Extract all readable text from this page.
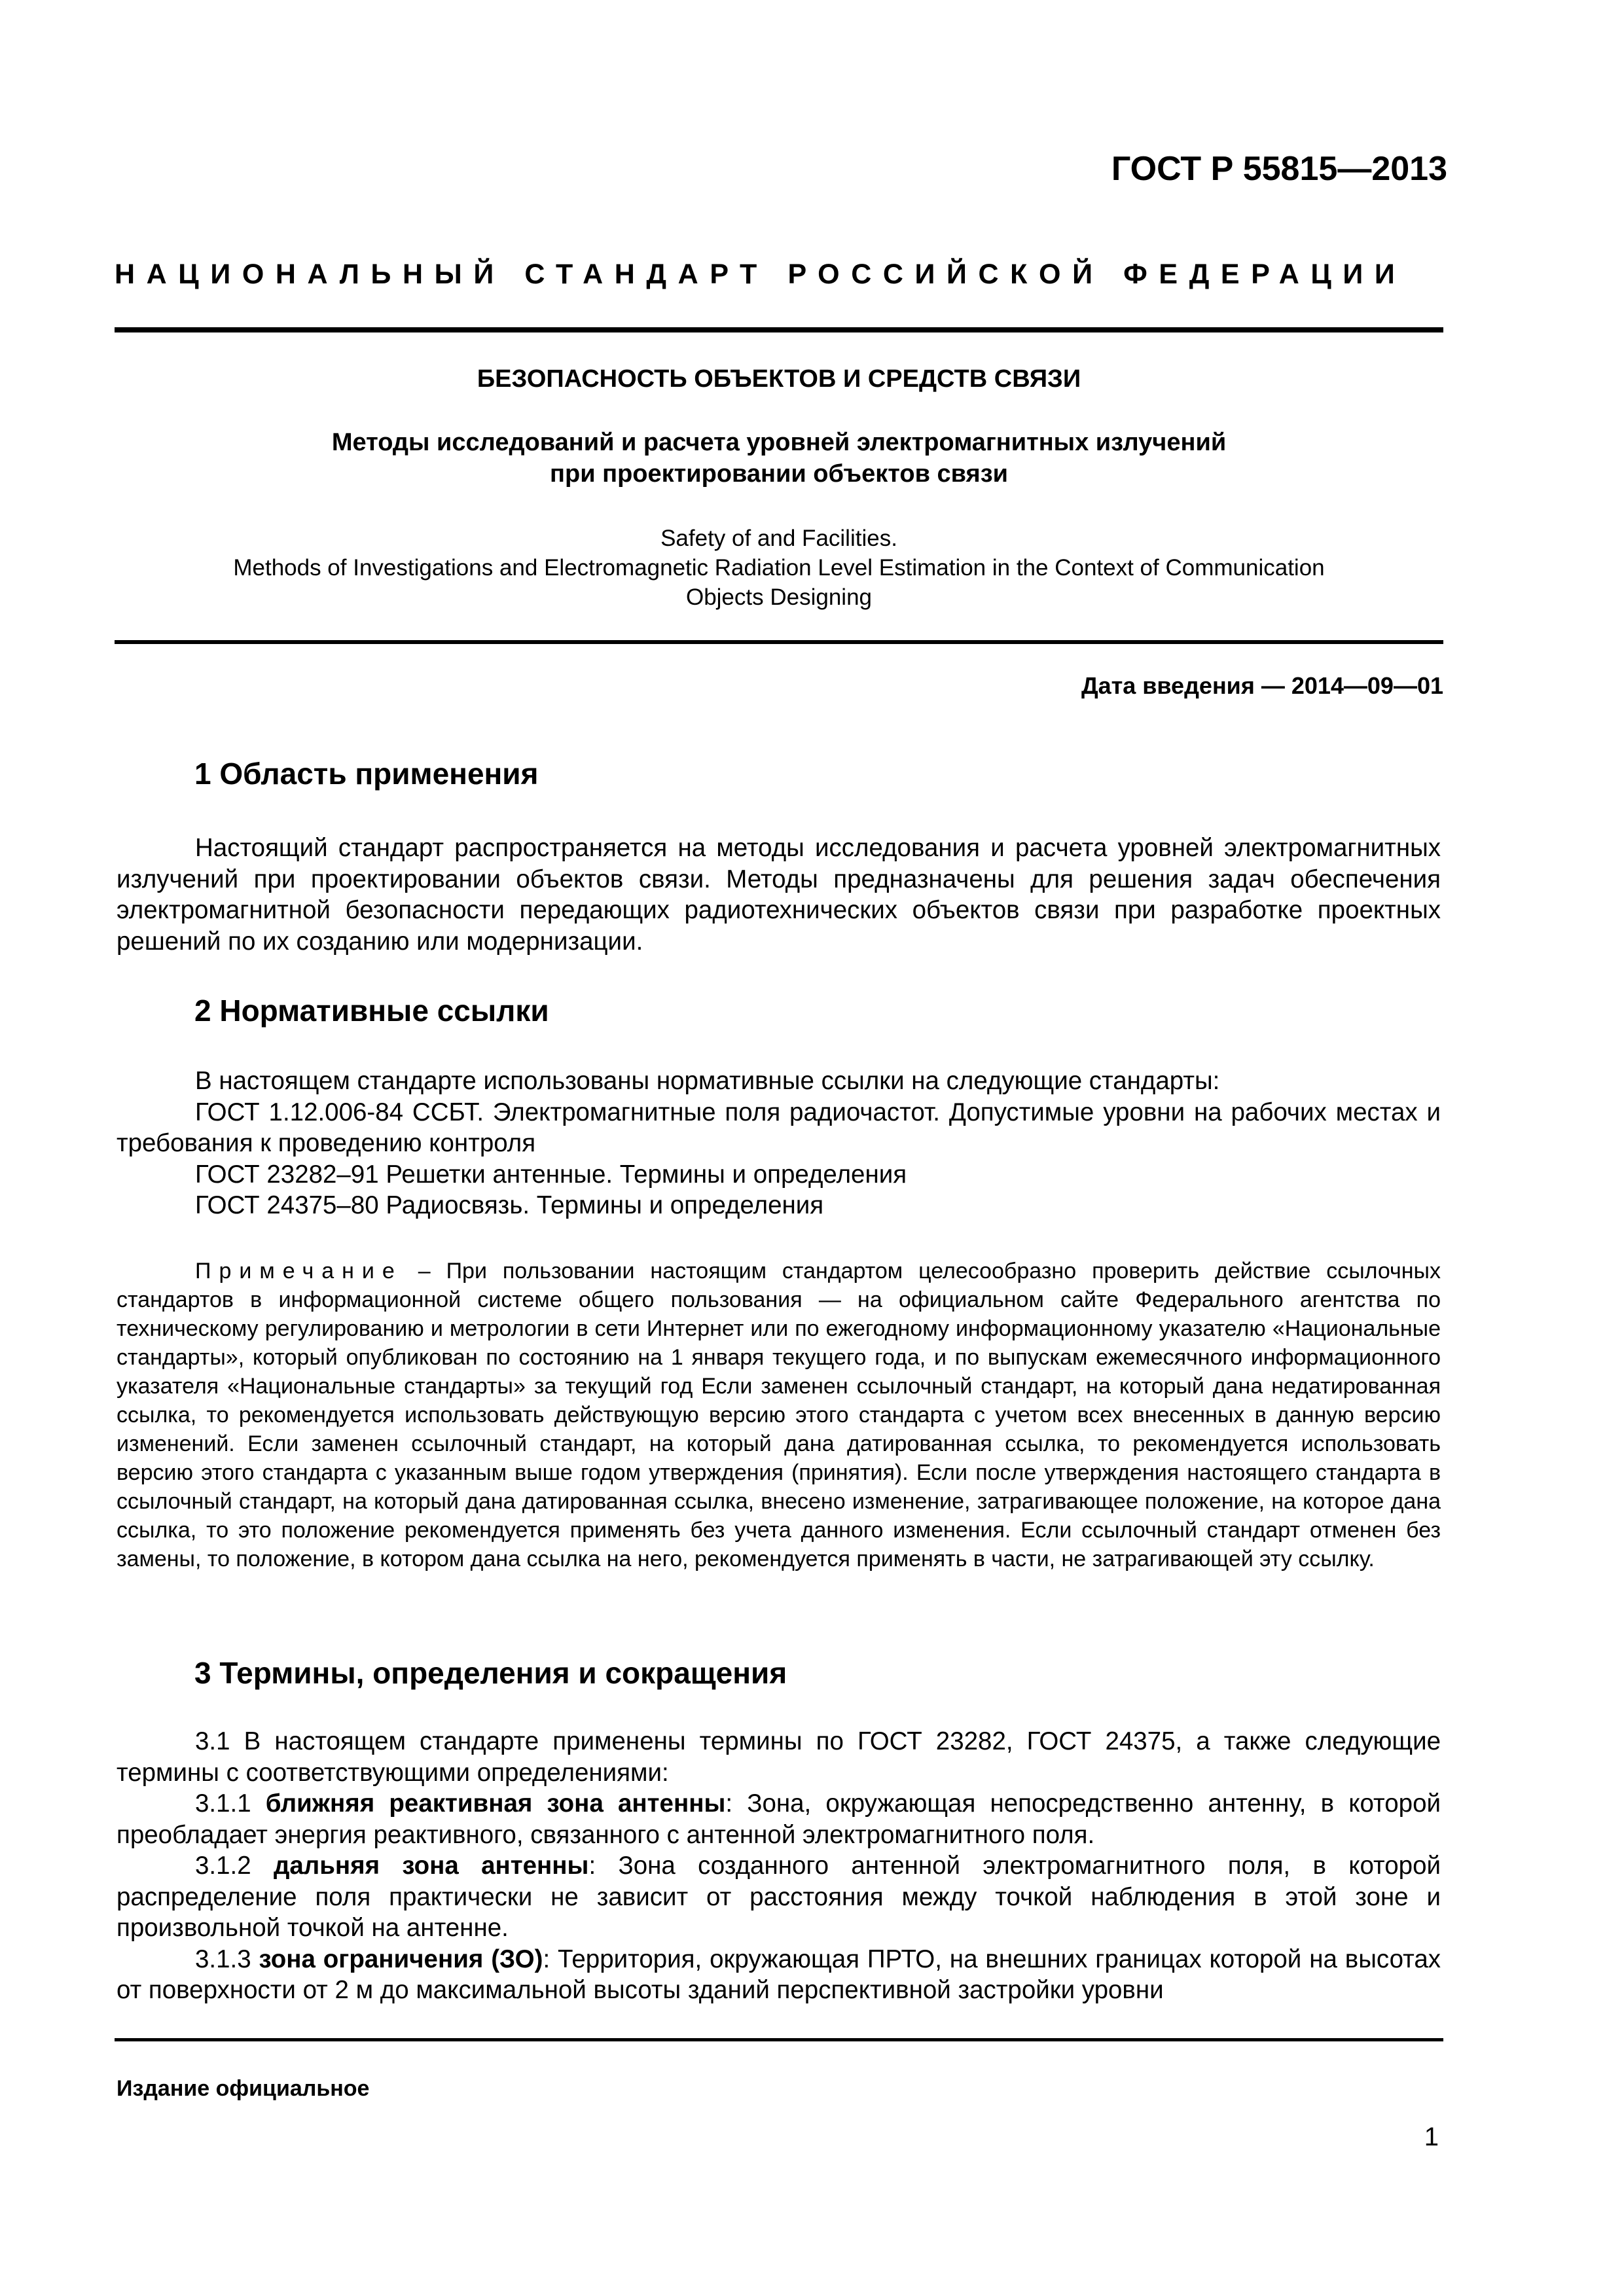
ГОСТ Р 55815—2013
НАЦИОНАЛЬНЫЙ СТАНДАРТ РОССИЙСКОЙ ФЕДЕРАЦИИ
БЕЗОПАСНОСТЬ ОБЪЕКТОВ И СРЕДСТВ СВЯЗИ
Методы исследований и расчета уровней электромагнитных излучений
при проектировании объектов связи
Safety of and Facilities.
Methods of Investigations and Electromagnetic Radiation Level Estimation in the Context of Communication
Objects Designing
Дата введения — 2014—09—01
1 Область применения
Настоящий стандарт распространяется на методы исследования и расчета уровней электромагнитных излучений при проектировании объектов связи. Методы предназначены для решения задач обеспечения электромагнитной безопасности передающих радиотехнических объектов связи при разработке проектных решений по их созданию или модернизации.
2 Нормативные ссылки
В настоящем стандарте использованы нормативные ссылки на следующие стандарты:
ГОСТ 1.12.006-84 ССБТ. Электромагнитные поля радиочастот. Допустимые уровни на рабочих местах и требования к проведению контроля
ГОСТ 23282–91 Решетки антенные. Термины и определения
ГОСТ 24375–80 Радиосвязь. Термины и определения
Примечание – При пользовании настоящим стандартом целесообразно проверить действие ссылочных стандартов в информационной системе общего пользования — на официальном сайте Федерального агентства по техническому регулированию и метрологии в сети Интернет или по ежегодному информационному указателю «Национальные стандарты», который опубликован по состоянию на 1 января текущего года, и по выпускам ежемесячного информационного указателя «Национальные стандарты» за текущий год Если заменен ссылочный стандарт, на который дана недатированная ссылка, то рекомендуется использовать действующую версию этого стандарта с учетом всех внесенных в данную версию изменений. Если заменен ссылочный стандарт, на который дана датированная ссылка, то рекомендуется использовать версию этого стандарта с указанным выше годом утверждения (принятия). Если после утверждения настоящего стандарта в ссылочный стандарт, на который дана датированная ссылка, внесено изменение, затрагивающее положение, на которое дана ссылка, то это положение рекомендуется применять без учета данного изменения. Если ссылочный стандарт отменен без замены, то положение, в котором дана ссылка на него, рекомендуется применять в части, не затрагивающей эту ссылку.
3 Термины, определения и сокращения
3.1 В настоящем стандарте применены термины по ГОСТ 23282, ГОСТ 24375, а также следующие термины с соответствующими определениями:
3.1.1 ближняя реактивная зона антенны: Зона, окружающая непосредственно антенну, в которой преобладает энергия реактивного, связанного с антенной электромагнитного поля.
3.1.2 дальняя зона антенны: Зона созданного антенной электромагнитного поля, в которой распределение поля практически не зависит от расстояния между точкой наблюдения в этой зоне и произвольной точкой на антенне.
3.1.3 зона ограничения (ЗО): Территория, окружающая ПРТО, на внешних границах которой на высотах от поверхности от 2 м до максимальной высоты зданий перспективной застройки уровни
Издание официальное
1
